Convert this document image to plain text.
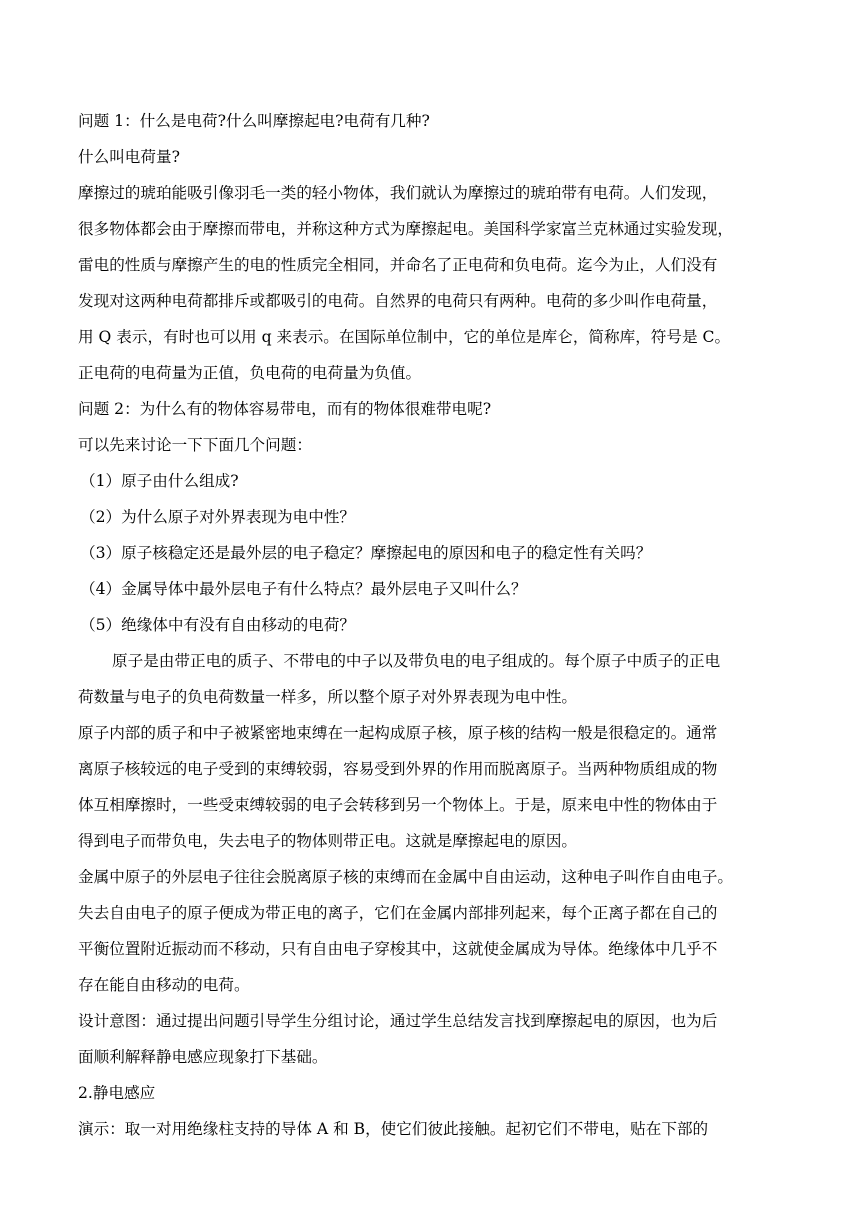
问题 1：什么是电荷?什么叫摩擦起电?电荷有几种?
什么叫电荷量?
摩擦过的琥珀能吸引像羽毛一类的轻小物体，我们就认为摩擦过的琥珀带有电荷。人们发现，
很多物体都会由于摩擦而带电，并称这种方式为摩擦起电。美国科学家富兰克林通过实验发现，
雷电的性质与摩擦产生的电的性质完全相同，并命名了正电荷和负电荷。迄今为止，人们没有
发现对这两种电荷都排斥或都吸引的电荷。自然界的电荷只有两种。电荷的多少叫作电荷量，
用 Q 表示，有时也可以用 q 来表示。在国际单位制中，它的单位是库仑，简称库，符号是 C。
正电荷的电荷量为正值，负电荷的电荷量为负值。
问题 2：为什么有的物体容易带电，而有的物体很难带电呢?
可以先来讨论一下下面几个问题：
（1）原子由什么组成?
（2）为什么原子对外界表现为电中性？
（3）原子核稳定还是最外层的电子稳定？摩擦起电的原因和电子的稳定性有关吗？
（4）金属导体中最外层电子有什么特点？最外层电子又叫什么？
（5）绝缘体中有没有自由移动的电荷？
原子是由带正电的质子、不带电的中子以及带负电的电子组成的。每个原子中质子的正电
荷数量与电子的负电荷数量一样多，所以整个原子对外界表现为电中性。
原子内部的质子和中子被紧密地束缚在一起构成原子核，原子核的结构一般是很稳定的。通常
离原子核较远的电子受到的束缚较弱，容易受到外界的作用而脱离原子。当两种物质组成的物
体互相摩擦时，一些受束缚较弱的电子会转移到另一个物体上。于是，原来电中性的物体由于
得到电子而带负电，失去电子的物体则带正电。这就是摩擦起电的原因。
金属中原子的外层电子往往会脱离原子核的束缚而在金属中自由运动，这种电子叫作自由电子。
失去自由电子的原子便成为带正电的离子，它们在金属内部排列起来，每个正离子都在自己的
平衡位置附近振动而不移动，只有自由电子穿梭其中，这就使金属成为导体。绝缘体中几乎不
存在能自由移动的电荷。
设计意图：通过提出问题引导学生分组讨论，通过学生总结发言找到摩擦起电的原因，也为后
面顺利解释静电感应现象打下基础。
2.静电感应
演示：取一对用绝缘柱支持的导体 A 和 B，使它们彼此接触。起初它们不带电，贴在下部的
